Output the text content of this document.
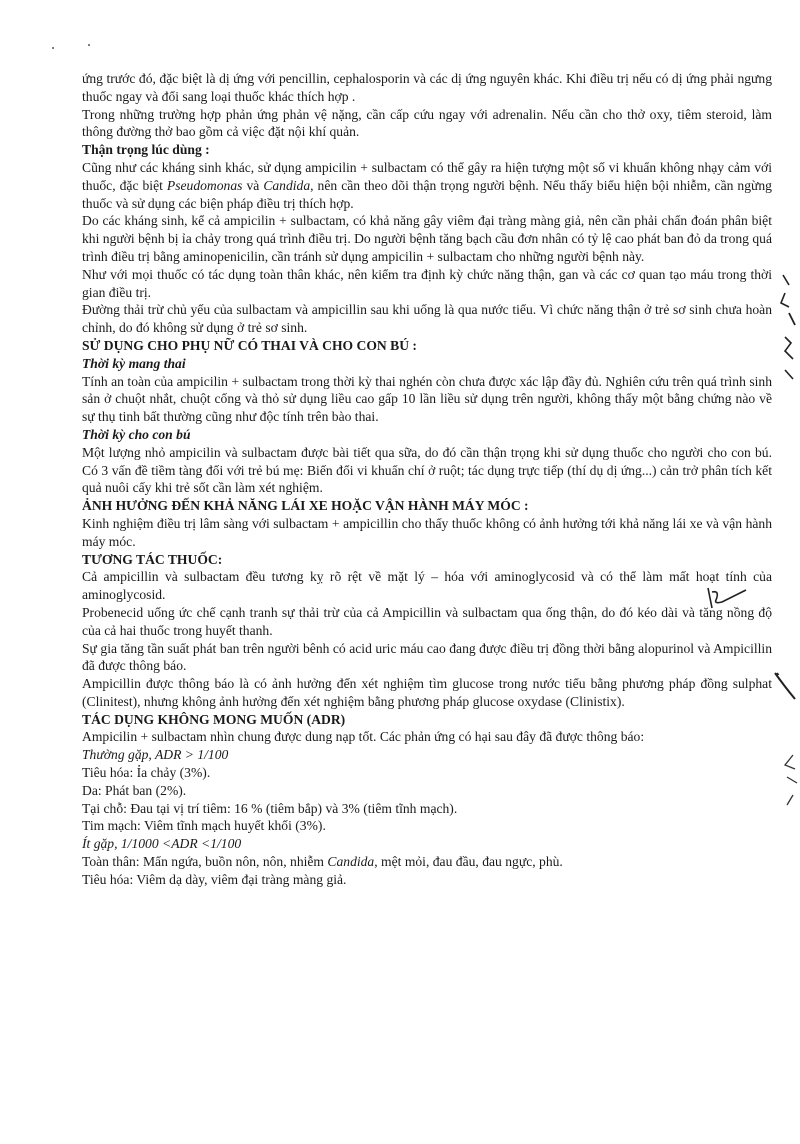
ứng trước đó, đặc biệt là dị ứng với pencillin, cephalosporin và các dị ứng nguyên khác. Khi điều trị nếu có dị ứng phải ngưng thuốc ngay và đổi sang loại thuốc khác thích hợp .

Trong những trường hợp phản ứng phản vệ nặng, cần cấp cứu ngay với adrenalin. Nếu cần cho thở oxy, tiêm steroid, làm thông đường thở bao gồm cả việc đặt nội khí quản.

Thận trọng lúc dùng :

Cũng như các kháng sinh khác, sử dụng ampicilin + sulbactam có thể gây ra hiện tượng một số vi khuẩn không nhạy cảm với thuốc, đặc biệt Pseudomonas và Candida, nên cần theo dõi thận trọng người bệnh. Nếu thấy biểu hiện bội nhiễm, cần ngừng thuốc và sử dụng các biện pháp điều trị thích hợp.

Do các kháng sinh, kể cả ampicilin + sulbactam, có khả năng gây viêm đại tràng màng giả, nên cần phải chẩn đoán phân biệt khi người bệnh bị ỉa chảy trong quá trình điều trị. Do người bệnh tăng bạch cầu đơn nhân có tỷ lệ cao phát ban đỏ da trong quá trình điều trị bằng aminopenicilin, cần tránh sử dụng ampicilin + sulbactam cho những người bệnh này.

Như với mọi thuốc có tác dụng toàn thân khác, nên kiểm tra định kỳ chức năng thận, gan và các cơ quan tạo máu trong thời gian điều trị.

Đường thải trừ chủ yếu của sulbactam và ampicillin sau khi uống là qua nước tiểu. Vì chức năng thận ở trẻ sơ sinh chưa hoàn chỉnh, do đó không sử dụng ở trẻ sơ sinh.

SỬ DỤNG CHO PHỤ NỮ CÓ THAI VÀ CHO CON BÚ :

Thời kỳ mang thai

Tính an toàn của ampicilin + sulbactam trong thời kỳ thai nghén còn chưa được xác lập đầy đủ. Nghiên cứu trên quá trình sinh sản ở chuột nhắt, chuột cống và thỏ sử dụng liều cao gấp 10 lần liều sử dụng trên người, không thấy một bằng chứng nào về sự thụ tinh bất thường cũng như độc tính trên bào thai.

Thời kỳ cho con bú

Một lượng nhỏ ampicilin và sulbactam được bài tiết qua sữa, do đó cần thận trọng khi sử dụng thuốc cho người cho con bú. Có 3 vấn đề tiềm tàng đối với trẻ bú mẹ: Biến đổi vi khuẩn chí ở ruột; tác dụng trực tiếp (thí dụ dị ứng...) cản trở phân tích kết quả nuôi cấy khi trẻ sốt cần làm xét nghiệm.

ẢNH HƯỞNG ĐẾN KHẢ NĂNG LÁI XE HOẶC VẬN HÀNH MÁY MÓC :

Kinh nghiệm điều trị lâm sàng với sulbactam + ampicillin cho thấy thuốc không có ảnh hưởng tới khả năng lái xe và vận hành máy móc.

TƯƠNG TÁC THUỐC:

Cả ampicillin và sulbactam đều tương kỵ rõ rệt về mặt lý – hóa với aminoglycosid và có thể làm mất hoạt tính của aminoglycosid.

Probenecid uống ức chế cạnh tranh sự thải trừ của cả Ampicillin và sulbactam qua ống thận, do đó kéo dài và tăng nồng độ của cả hai thuốc trong huyết thanh.

Sự gia tăng tần suất phát ban trên người bênh có acid uric máu cao đang được điều trị đồng thời bằng alopurinol và Ampicillin đã được thông báo.

Ampicillin được thông báo là có ảnh hưởng đến xét nghiệm tìm glucose trong nước tiểu bằng phương pháp đồng sulphat (Clinitest), nhưng không ảnh hưởng đến xét nghiệm bằng phương pháp glucose oxydase (Clinistix).

TÁC DỤNG KHÔNG MONG MUỐN (ADR)

Ampicilin + sulbactam nhìn chung được dung nạp tốt. Các phản ứng có hại sau đây đã được thông báo:

Thường gặp, ADR > 1/100

Tiêu hóa: Ỉa chảy (3%).

Da: Phát ban (2%).

Tại chỗ: Đau tại vị trí tiêm: 16 % (tiêm bắp) và 3% (tiêm tĩnh mạch).

Tim mạch: Viêm tĩnh mạch huyết khối (3%).

Ít gặp, 1/1000 <ADR <1/100

Toàn thân: Mẩn ngứa, buồn nôn, nôn, nhiễm Candida, mệt mỏi, đau đầu, đau ngực, phù.

Tiêu hóa: Viêm dạ dày, viêm đại tràng màng giả.
